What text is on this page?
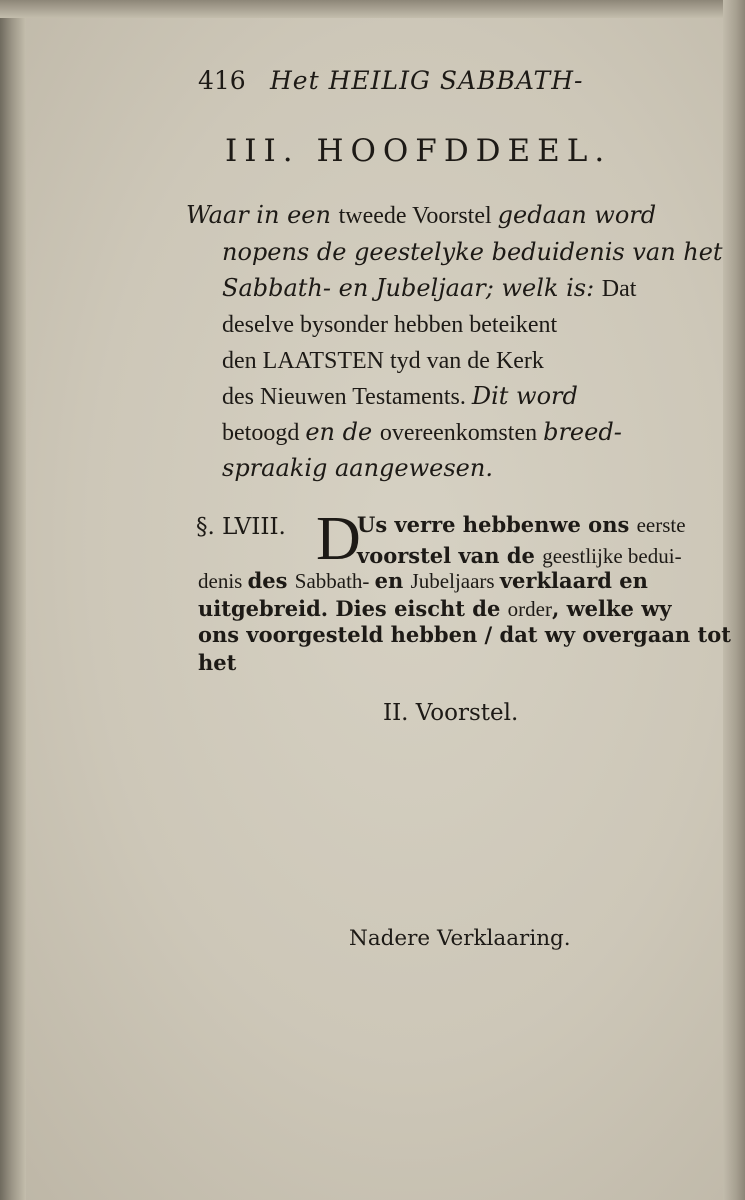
416 Het HEILIG SABBATH-
III. HOOFDDEEL.
Waar in een tweede Voorstel gedaan word
nopens de geestelyke beduidenis van het
Sabbath- en Jubeljaar; welk is: Dat
deselve bysonder hebben beteikent
den LAATSTEN tyd van de Kerk
des Nieuwen Testaments. Dit word
betoogd en de overeenkomsten breed-
spraakig aangewesen.
§. LVIII. D
Us verre hebbenwe ons eerste
voorstel van de geestlijke bedui-
denis des Sabbath- en Jubeljaars verklaard en
uitgebreid. Dies eischt de order, welke wy
ons voorgesteld hebben / dat wy overgaan tot
het
II. Voorstel.
Nadere Verklaaring.
